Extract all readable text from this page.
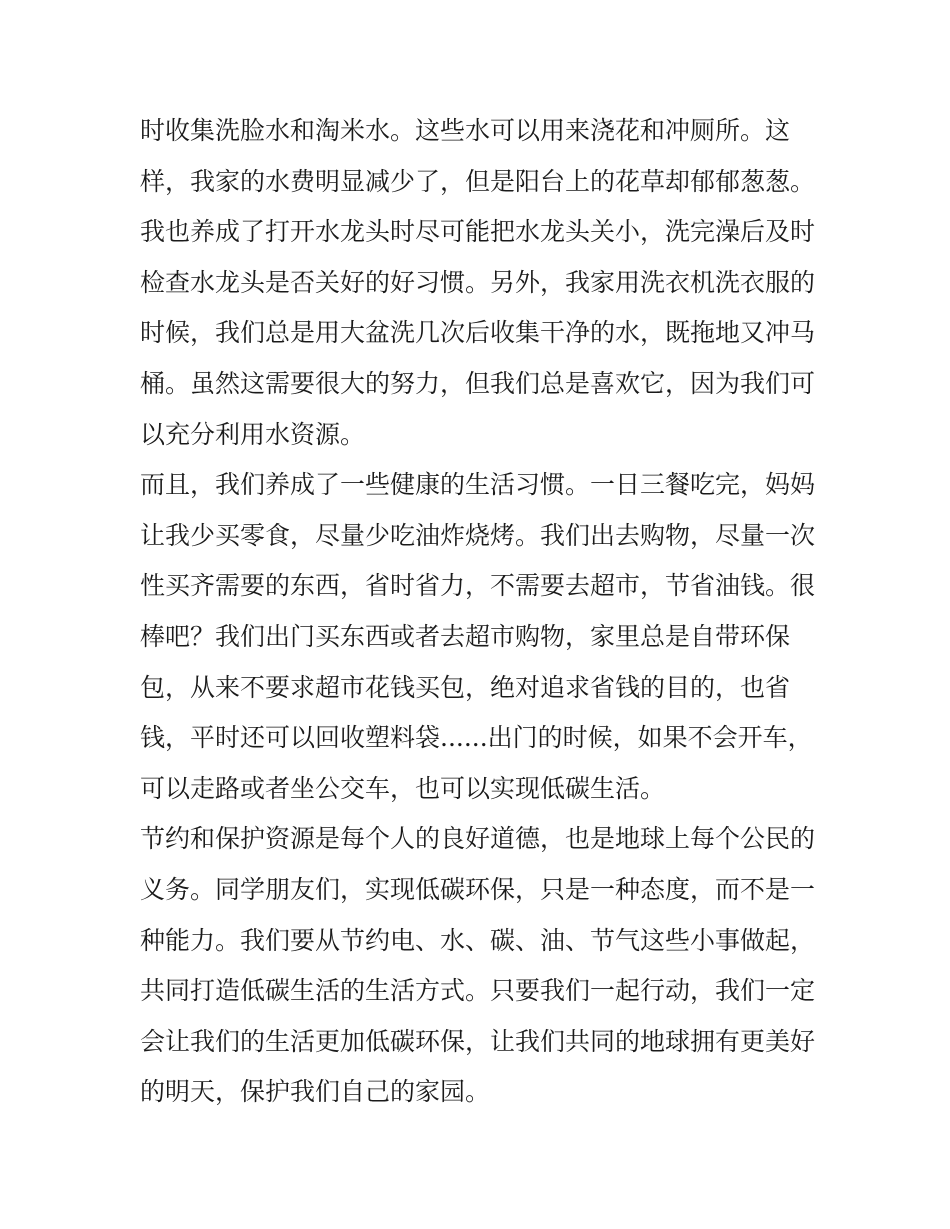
时收集洗脸水和淘米水。这些水可以用来浇花和冲厕所。这
样，我家的水费明显减少了，但是阳台上的花草却郁郁葱葱。
我也养成了打开水龙头时尽可能把水龙头关小，洗完澡后及时
检查水龙头是否关好的好习惯。另外，我家用洗衣机洗衣服的
时候，我们总是用大盆洗几次后收集干净的水，既拖地又冲马
桶。虽然这需要很大的努力，但我们总是喜欢它，因为我们可
以充分利用水资源。
而且，我们养成了一些健康的生活习惯。一日三餐吃完，妈妈
让我少买零食，尽量少吃油炸烧烤。我们出去购物，尽量一次
性买齐需要的东西，省时省力，不需要去超市，节省油钱。很
棒吧？我们出门买东西或者去超市购物，家里总是自带环保
包，从来不要求超市花钱买包，绝对追求省钱的目的，也省
钱，平时还可以回收塑料袋......出门的时候，如果不会开车，
可以走路或者坐公交车，也可以实现低碳生活。
节约和保护资源是每个人的良好道德，也是地球上每个公民的
义务。同学朋友们，实现低碳环保，只是一种态度，而不是一
种能力。我们要从节约电、水、碳、油、节气这些小事做起，
共同打造低碳生活的生活方式。只要我们一起行动，我们一定
会让我们的生活更加低碳环保，让我们共同的地球拥有更美好
的明天，保护我们自己的家园。
